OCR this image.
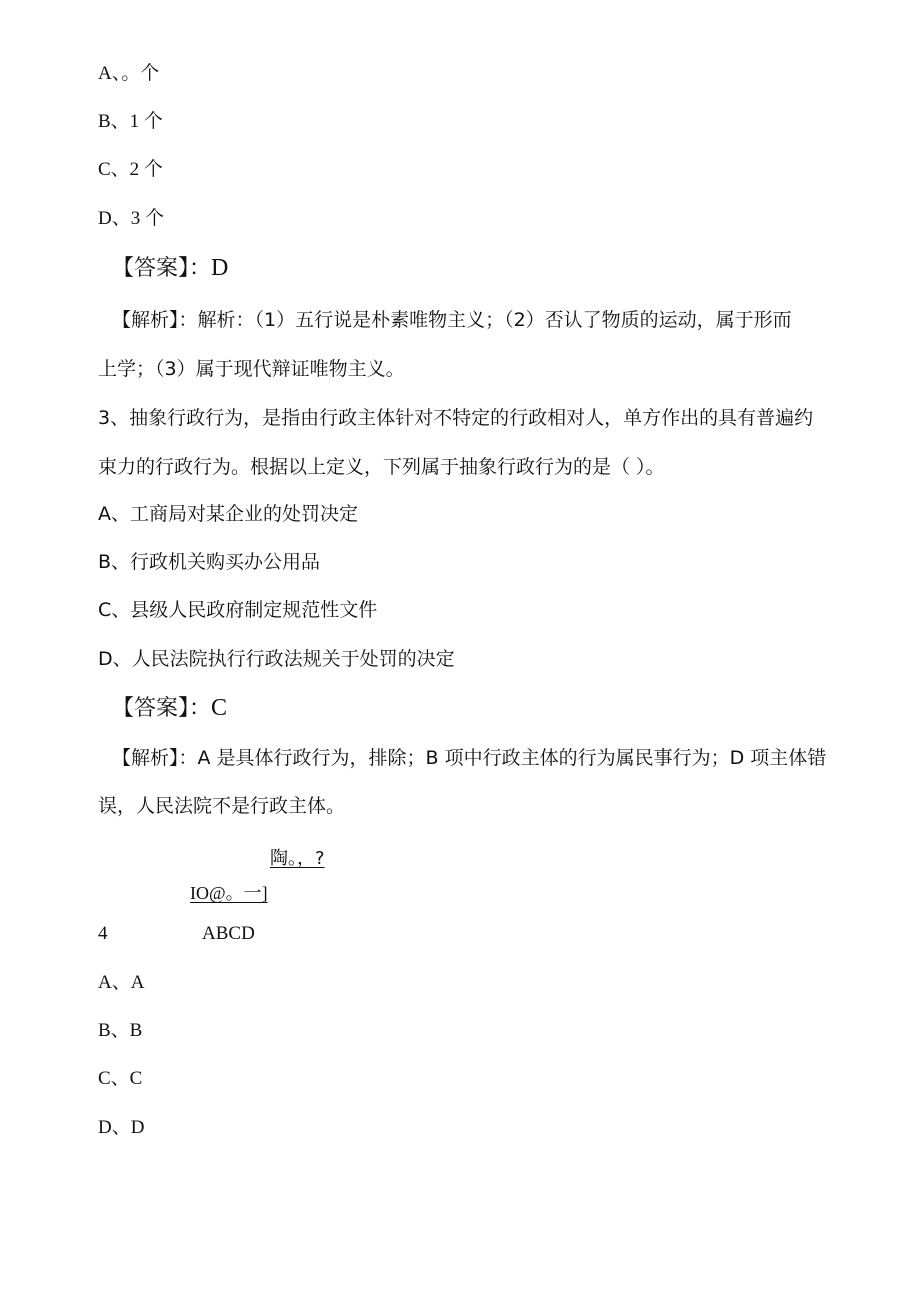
A、。个
B、1 个
C、2 个
D、3 个
【答案】：D
【解析】：解析：（1）五行说是朴素唯物主义；（2）否认了物质的运动，属于形而
上学；（3）属于现代辩证唯物主义。
3、抽象行政行为，是指由行政主体针对不特定的行政相对人，单方作出的具有普遍约
束力的行政行为。根据以上定义，下列属于抽象行政行为的是（ ）。
A、工商局对某企业的处罚决定
B、行政机关购买办公用品
C、县级人民政府制定规范性文件
D、人民法院执行行政法规关于处罚的决定
【答案】：C
【解析】：A 是具体行政行为，排除；B 项中行政主体的行为属民事行为；D 项主体错
误，人民法院不是行政主体。
陶。，?
IO@。一]
4	ABCD
A、A
B、B
C、C
D、D
